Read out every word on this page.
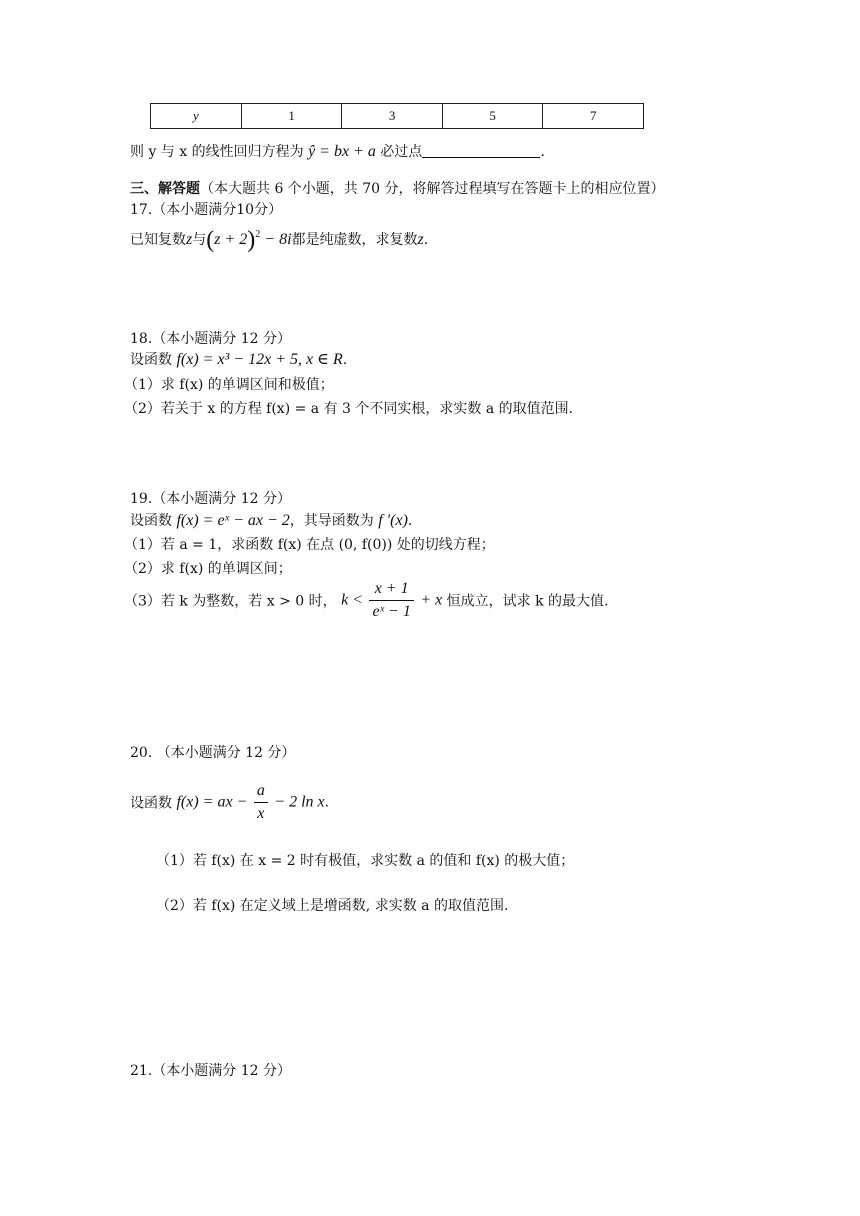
y	1	3	5	7
则 y 与 x 的线性回归方程为 ŷ = bx + a 必过点	.
三、解答题（本大题共 6 个小题，共 70 分，将解答过程填写在答题卡上的相应位置）
17.（本小题满分10分）
已知复数z与$(z + 2)^2 - 8i$都是纯虚数，求复数z.
18.（本小题满分 12 分）
设函数 f(x) = x³ − 12x + 5, x ∈ R.
（1）求 f(x) 的单调区间和极值；
（2）若关于 x 的方程 f(x) = a 有 3 个不同实根，求实数 a 的取值范围.
19.（本小题满分 12 分）
设函数 f(x) = eˣ − ax − 2，其导函数为 f ′(x).
（1）若 a = 1，求函数 f(x) 在点 (0, f(0)) 处的切线方程；
（2）求 f(x) 的单调区间；
（3）若 k 为整数，若 x > 0 时， $k < \frac{x + 1}{\text{eˣ − 1}} + x$ 恒成立，试求 k 的最大值.
20. （本小题满分 12 分）
设函数 f(x) = ax − $\frac{a}{x} - 2$ ln x.
（1）若 f(x) 在 x = 2 时有极值，求实数 a 的值和 f(x) 的极大值；
（2）若 f(x) 在定义域上是增函数, 求实数 a 的取值范围.
21.（本小题满分 12 分）
